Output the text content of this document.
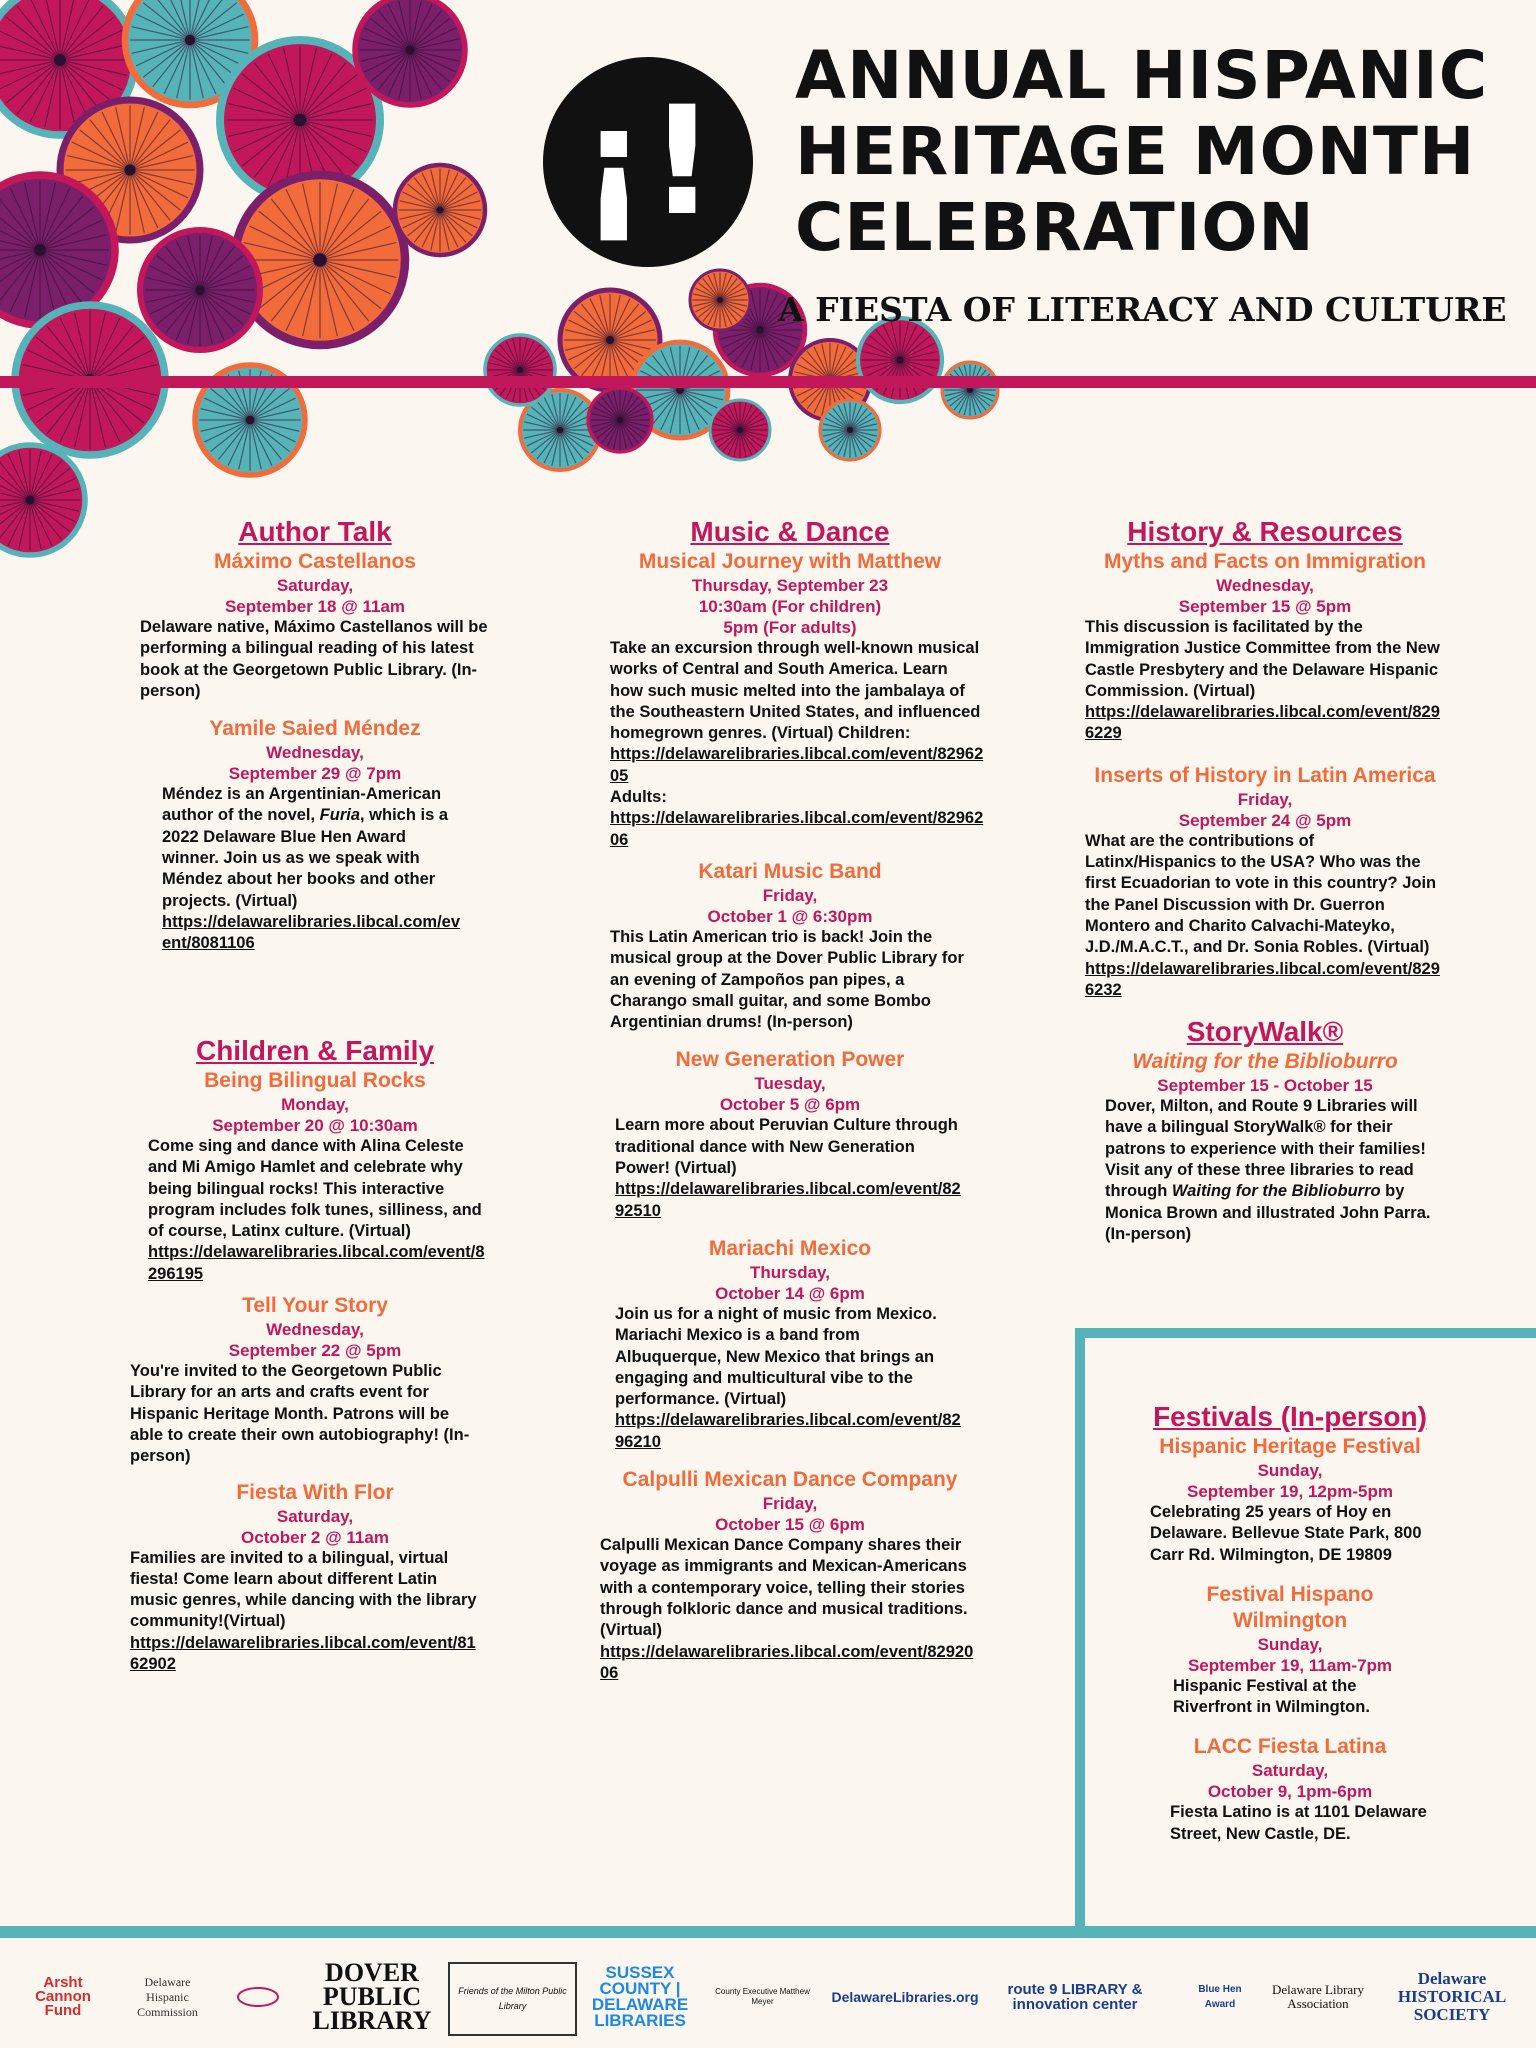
¡!	ANNUAL HISPANIC
HERITAGE MONTH
CELEBRATION
A FIESTA OF LITERACY AND CULTURE
Author Talk
Máximo Castellanos
Saturday,
September 18 @ 11am
Delaware native, Máximo Castellanos will be performing a bilingual reading of his latest book at the Georgetown Public Library. (In-person)
Yamile Saied Méndez
Wednesday,
September 29 @ 7pm
Méndez is an Argentinian-American author of the novel, Furia, which is a 2022 Delaware Blue Hen Award winner. Join us as we speak with Méndez about her books and other projects. (Virtual)
https://delawarelibraries.libcal.com/event/8081106
Children & Family
Being Bilingual Rocks
Monday,
September 20 @ 10:30am
Come sing and dance with Alina Celeste and Mi Amigo Hamlet and celebrate why being bilingual rocks! This interactive program includes folk tunes, silliness, and of course, Latinx culture. (Virtual)
https://delawarelibraries.libcal.com/event/8296195
Tell Your Story
Wednesday,
September 22 @ 5pm
You're invited to the Georgetown Public Library for an arts and crafts event for Hispanic Heritage Month. Patrons will be able to create their own autobiography! (In-person)
Fiesta With Flor
Saturday,
October 2 @ 11am
Families are invited to a bilingual, virtual fiesta! Come learn about different Latin music genres, while dancing with the library community!(Virtual)
https://delawarelibraries.libcal.com/event/8162902
Music & Dance
Musical Journey with Matthew
Thursday, September 23
10:30am (For children)
5pm (For adults)
Take an excursion through well-known musical works of Central and South America. Learn how such music melted into the jambalaya of the Southeastern United States, and influenced homegrown genres. (Virtual) Children:
https://delawarelibraries.libcal.com/event/8296205
Adults:
https://delawarelibraries.libcal.com/event/8296206
Katari Music Band
Friday,
October 1 @ 6:30pm
This Latin American trio is back! Join the musical group at the Dover Public Library for an evening of Zampoños pan pipes, a Charango small guitar, and some Bombo Argentinian drums! (In-person)
New Generation Power
Tuesday,
October 5 @ 6pm
Learn more about Peruvian Culture through traditional dance with New Generation Power! (Virtual)
https://delawarelibraries.libcal.com/event/8292510
Mariachi Mexico
Thursday,
October 14 @ 6pm
Join us for a night of music from Mexico. Mariachi Mexico is a band from Albuquerque, New Mexico that brings an engaging and multicultural vibe to the performance. (Virtual)
https://delawarelibraries.libcal.com/event/8296210
Calpulli Mexican Dance Company
Friday,
October 15 @ 6pm
Calpulli Mexican Dance Company shares their voyage as immigrants and Mexican-Americans with a contemporary voice, telling their stories through folkloric dance and musical traditions. (Virtual)
https://delawarelibraries.libcal.com/event/8292006
History & Resources
Myths and Facts on Immigration
Wednesday,
September 15 @ 5pm
This discussion is facilitated by the Immigration Justice Committee from the New Castle Presbytery and the Delaware Hispanic Commission. (Virtual)
https://delawarelibraries.libcal.com/event/8296229
Inserts of History in Latin America
Friday,
September 24 @ 5pm
What are the contributions of Latinx/Hispanics to the USA? Who was the first Ecuadorian to vote in this country? Join the Panel Discussion with Dr. Guerron Montero and Charito Calvachi-Mateyko, J.D./M.A.C.T., and Dr. Sonia Robles. (Virtual)
https://delawarelibraries.libcal.com/event/8296232
StoryWalk®
Waiting for the Biblioburro
September 15 - October 15
Dover, Milton, and Route 9 Libraries will have a bilingual StoryWalk® for their patrons to experience with their families! Visit any of these three libraries to read through Waiting for the Biblioburro by Monica Brown and illustrated John Parra. (In-person)
Festivals (In-person)
Hispanic Heritage Festival
Sunday,
September 19, 12pm-5pm
Celebrating 25 years of Hoy en Delaware. Bellevue State Park, 800 Carr Rd. Wilmington, DE 19809
Festival Hispano Wilmington
Sunday,
September 19, 11am-7pm
Hispanic Festival at the Riverfront in Wilmington.
LACC Fiesta Latina
Saturday,
October 9, 1pm-6pm
Fiesta Latino is at 1101 Delaware Street, New Castle, DE.
Arsht Cannon Fund
Delaware Hispanic Commission
DOVER PUBLIC LIBRARY
Friends of the Milton Public Library
SUSSEX COUNTY | DELAWARE LIBRARIES
County Executive Matthew Meyer	DelawareLibraries.org	route 9 LIBRARY & innovation center
Blue Hen Award
Delaware Library Association
Delaware HISTORICAL SOCIETY
